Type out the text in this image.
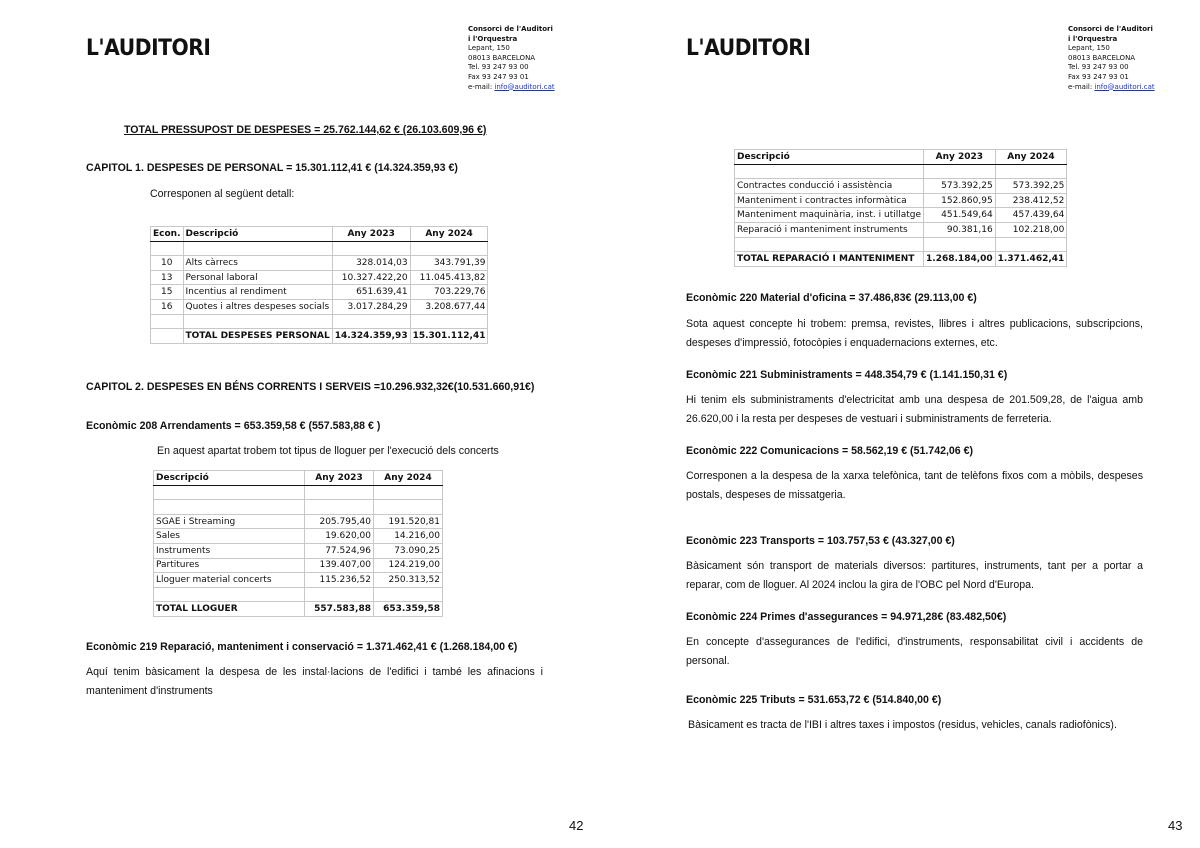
L'AUDITORI
Consorci de l'Auditori
i l'Orquestra
Lepant, 150
08013 BARCELONA
Tel. 93 247 93 00
Fax 93 247 93 01
e-mail: info@auditori.cat
TOTAL PRESSUPOST DE DESPESES = 25.762.144,62 € (26.103.609,96 €)
CAPITOL 1. DESPESES DE PERSONAL = 15.301.112,41 € (14.324.359,93 €)
Corresponen al següent detall:
Econ.	Descripció	Any 2023	Any 2024

10	Alts càrrecs	328.014,03	343.791,39
13	Personal laboral	10.327.422,20	11.045.413,82
15	Incentius al rendiment	651.639,41	703.229,76
16	Quotes i altres despeses socials	3.017.284,29	3.208.677,44

	TOTAL DESPESES PERSONAL	14.324.359,93	15.301.112,41
CAPITOL 2. DESPESES EN BÉNS CORRENTS I SERVEIS =10.296.932,32€(10.531.660,91€)
Econòmic 208 Arrendaments = 653.359,58 € (557.583,88 € )
En aquest apartat trobem tot tipus de lloguer per l'execució dels concerts
Descripció	Any 2023	Any 2024

SGAE i Streaming	205.795,40	191.520,81
Sales	19.620,00	14.216,00
Instruments	77.524,96	73.090,25
Partitures	139.407,00	124.219,00
Lloguer material concerts	115.236,52	250.313,52

TOTAL LLOGUER	557.583,88	653.359,58
Econòmic 219 Reparació, manteniment i conservació = 1.371.462,41 € (1.268.184,00 €)
Aquí tenim bàsicament la despesa de les instal·lacions de l'edifici i també les afinacions i manteniment d'instruments
42
L'AUDITORI
Consorci de l'Auditori
i l'Orquestra
Lepant, 150
08013 BARCELONA
Tel. 93 247 93 00
Fax 93 247 93 01
e-mail: info@auditori.cat
Descripció	Any 2023	Any 2024

Contractes conducció i assistència	573.392,25	573.392,25
Manteniment i contractes informàtica	152.860,95	238.412,52
Manteniment maquinària, inst. i utillatge	451.549,64	457.439,64
Reparació i manteniment instruments	90.381,16	102.218,00

TOTAL REPARACIÓ I MANTENIMENT	1.268.184,00	1.371.462,41
Econòmic 220 Material d'oficina = 37.486,83€ (29.113,00 €)
Sota aquest concepte hi trobem: premsa, revistes, llibres i altres publicacions, subscripcions, despeses d'impressió, fotocòpies i enquadernacions externes, etc.
Econòmic 221 Subministraments = 448.354,79 € (1.141.150,31 €)
Hi tenim els subministraments d'electricitat amb una despesa de 201.509,28, de l'aigua amb 26.620,00 i la resta per despeses de vestuari i subministraments de ferreteria.
Econòmic 222 Comunicacions = 58.562,19 € (51.742,06 €)
Corresponen a la despesa de la xarxa telefònica, tant de telèfons fixos com a mòbils, despeses postals, despeses de missatgeria.
Econòmic 223 Transports = 103.757,53 € (43.327,00 €)
Bàsicament són transport de materials diversos: partitures, instruments, tant per a portar a reparar, com de lloguer. Al 2024 inclou la gira de l'OBC pel Nord d'Europa.
Econòmic 224 Primes d'assegurances = 94.971,28€ (83.482,50€)
En concepte d'assegurances de l'edifici, d'instruments, responsabilitat civil i accidents de personal.
Econòmic 225 Tributs = 531.653,72 € (514.840,00 €)
Bàsicament es tracta de l'IBI i altres taxes i impostos (residus, vehicles, canals radiofònics).
43
